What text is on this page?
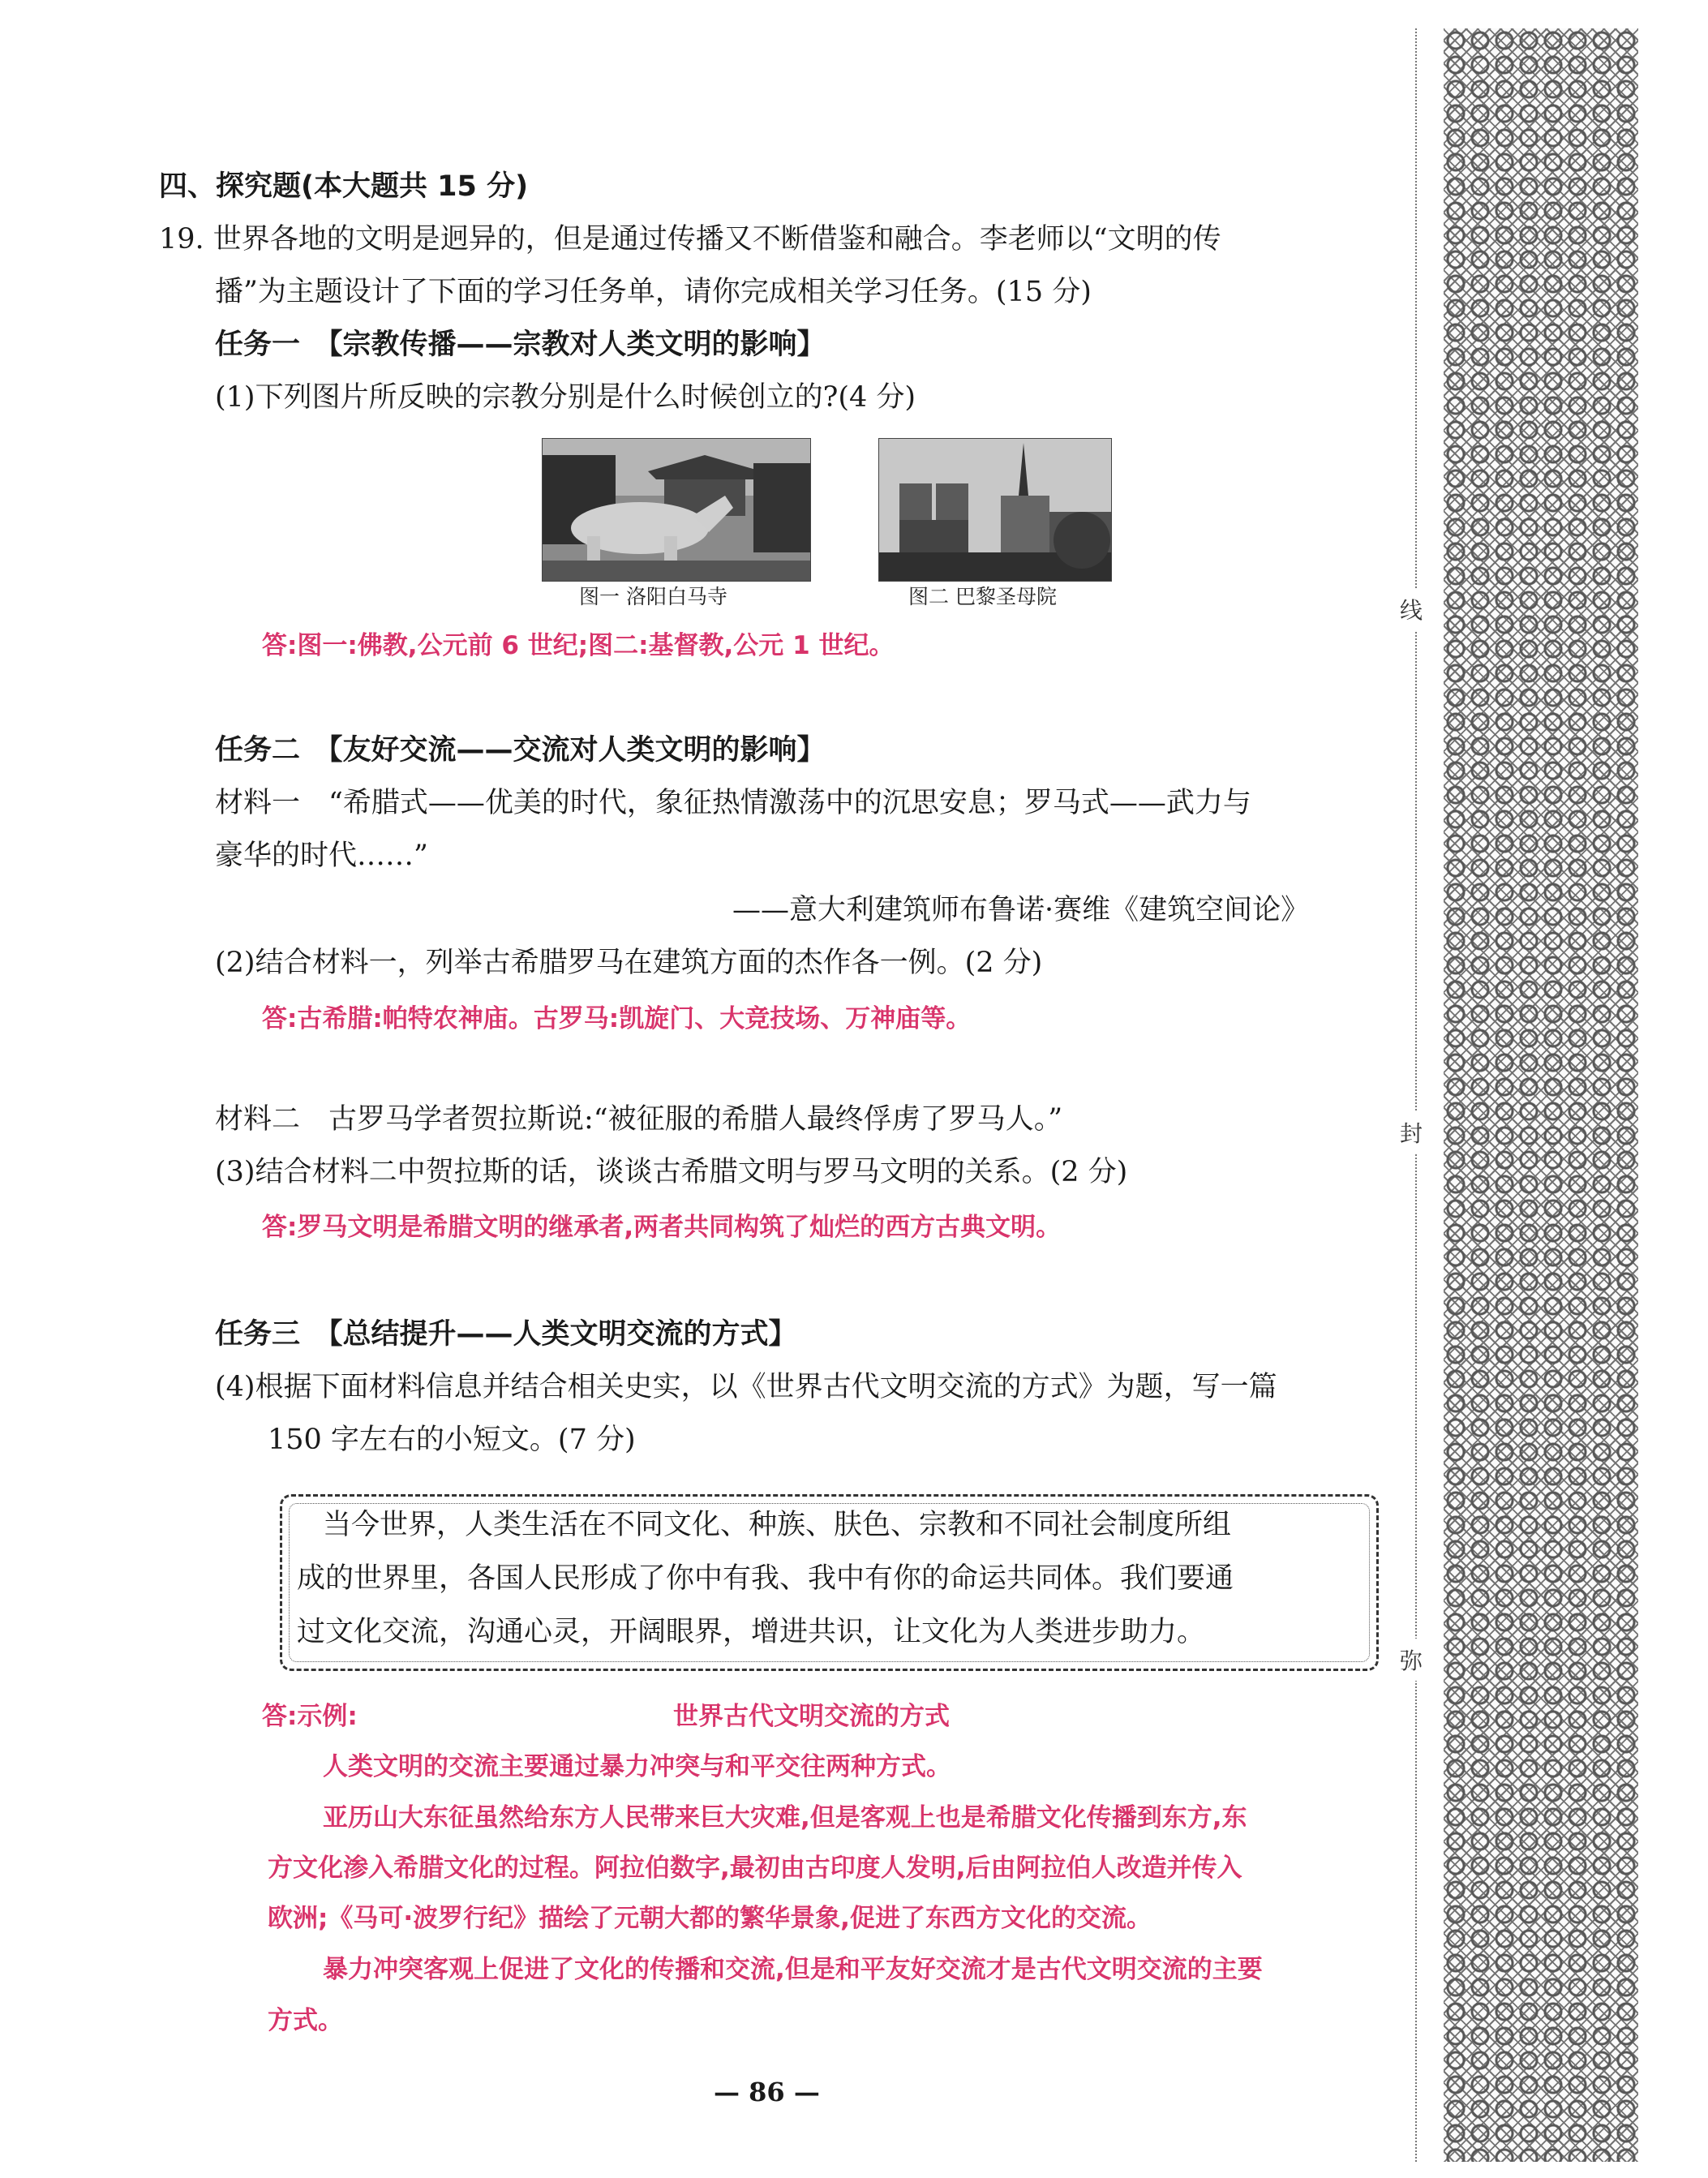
线
封
弥
四、探究题(本大题共 15 分)
19. 世界各地的文明是迥异的，但是通过传播又不断借鉴和融合。李老师以“文明的传
播”为主题设计了下面的学习任务单，请你完成相关学习任务。(15 分)
任务一　【宗教传播——宗教对人类文明的影响】
(1)下列图片所反映的宗教分别是什么时候创立的?(4 分)
图一 洛阳白马寺	图二 巴黎圣母院
答:图一:佛教,公元前 6 世纪;图二:基督教,公元 1 世纪。
任务二　【友好交流——交流对人类文明的影响】
材料一　“希腊式——优美的时代，象征热情激荡中的沉思安息；罗马式——武力与
豪华的时代……”
——意大利建筑师布鲁诺·赛维《建筑空间论》
(2)结合材料一，列举古希腊罗马在建筑方面的杰作各一例。(2 分)
答:古希腊:帕特农神庙。古罗马:凯旋门、大竞技场、万神庙等。
材料二　古罗马学者贺拉斯说:“被征服的希腊人最终俘虏了罗马人。”
(3)结合材料二中贺拉斯的话，谈谈古希腊文明与罗马文明的关系。(2 分)
答:罗马文明是希腊文明的继承者,两者共同构筑了灿烂的西方古典文明。
任务三　【总结提升——人类文明交流的方式】
(4)根据下面材料信息并结合相关史实，以《世界古代文明交流的方式》为题，写一篇
150 字左右的小短文。(7 分)
当今世界，人类生活在不同文化、种族、肤色、宗教和不同社会制度所组
成的世界里，各国人民形成了你中有我、我中有你的命运共同体。我们要通
过文化交流，沟通心灵，开阔眼界，增进共识，让文化为人类进步助力。
答:示例:	世界古代文明交流的方式
人类文明的交流主要通过暴力冲突与和平交往两种方式。
亚历山大东征虽然给东方人民带来巨大灾难,但是客观上也是希腊文化传播到东方,东
方文化渗入希腊文化的过程。阿拉伯数字,最初由古印度人发明,后由阿拉伯人改造并传入
欧洲;《马可·波罗行纪》描绘了元朝大都的繁华景象,促进了东西方文化的交流。
暴力冲突客观上促进了文化的传播和交流,但是和平友好交流才是古代文明交流的主要
方式。
— 86 —
